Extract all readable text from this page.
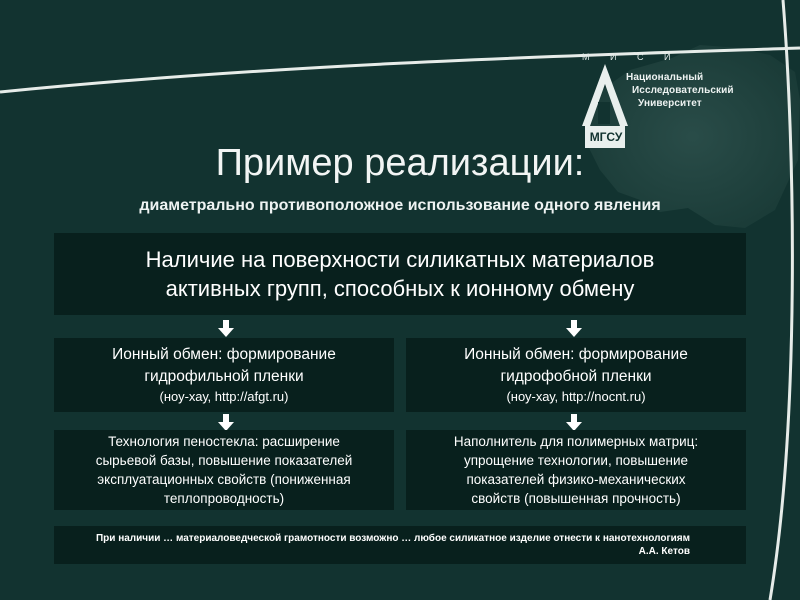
М И С И
МГСУ
Национальный
Исследовательский
Университет
Пример реализации:
диаметрально противоположное использование одного явления
Наличие на поверхности силикатных материалов
активных групп, способных к ионному обмену
Ионный обмен: формирование
гидрофильной пленки
(ноу-хау, http://afgt.ru)
Ионный обмен: формирование
гидрофобной пленки
(ноу-хау, http://nocnt.ru)
Технология пеностекла: расширение
сырьевой базы, повышение показателей
эксплуатационных свойств (пониженная
теплопроводность)
Наполнитель для полимерных матриц:
упрощение технологии, повышение
показателей физико-механических
свойств (повышенная прочность)
При наличии … материаловедческой грамотности возможно … любое силикатное изделие отнести к нанотехнологиям
А.А. Кетов
